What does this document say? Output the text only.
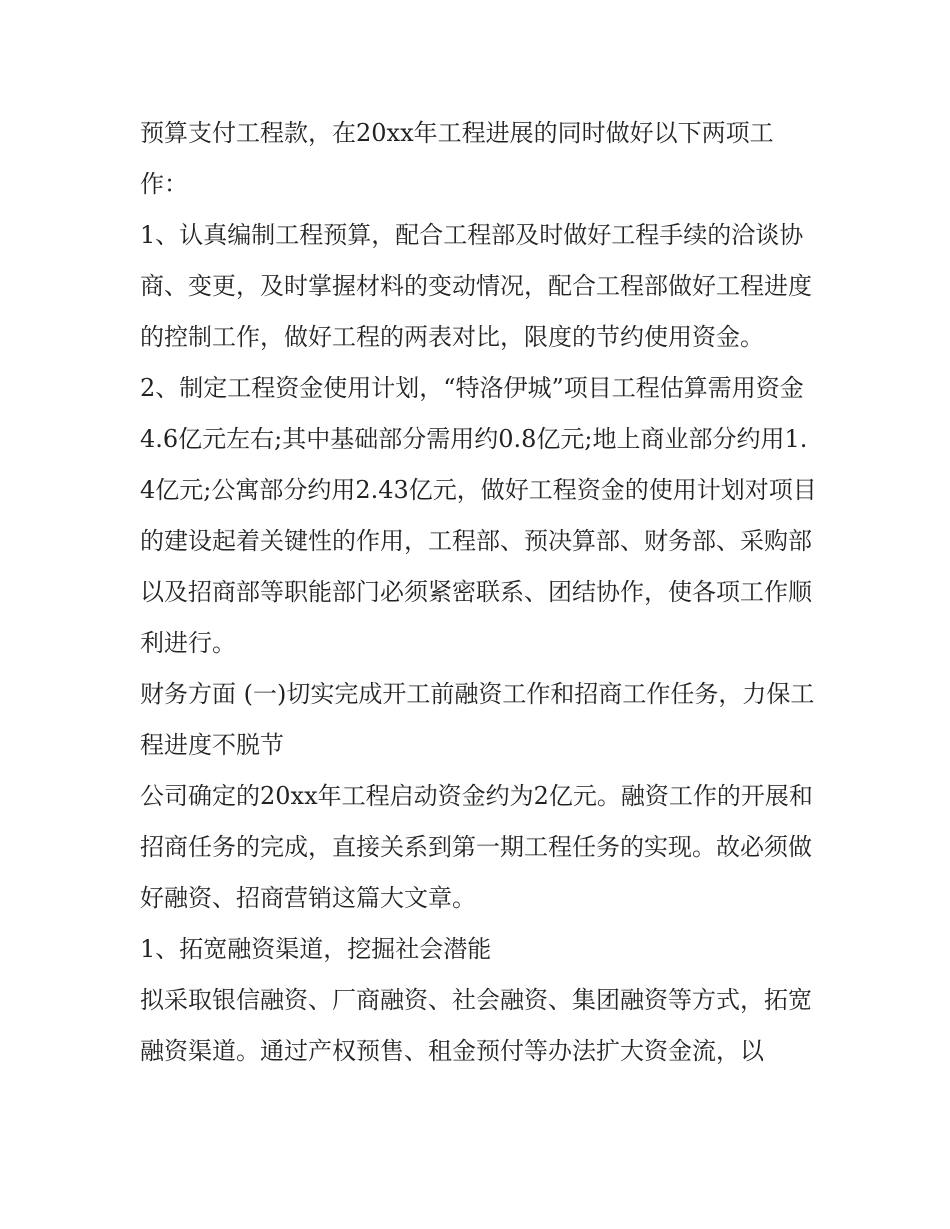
预算支付工程款，在20xx年工程进展的同时做好以下两项工作：

1、认真编制工程预算，配合工程部及时做好工程手续的洽谈协商、变更，及时掌握材料的变动情况，配合工程部做好工程进度的控制工作，做好工程的两表对比，限度的节约使用资金。

2、制定工程资金使用计划，“特洛伊城”项目工程估算需用资金4.6亿元左右;其中基础部分需用约0.8亿元;地上商业部分约用1.4亿元;公寓部分约用2.43亿元，做好工程资金的使用计划对项目的建设起着关键性的作用，工程部、预决算部、财务部、采购部以及招商部等职能部门必须紧密联系、团结协作，使各项工作顺利进行。

财务方面 (一)切实完成开工前融资工作和招商工作任务，力保工程进度不脱节

公司确定的20xx年工程启动资金约为2亿元。融资工作的开展和招商任务的完成，直接关系到第一期工程任务的实现。故必须做好融资、招商营销这篇大文章。

1、拓宽融资渠道，挖掘社会潜能

拟采取银信融资、厂商融资、社会融资、集团融资等方式，拓宽融资渠道。通过产权预售、租金预付等办法扩大资金流，以
